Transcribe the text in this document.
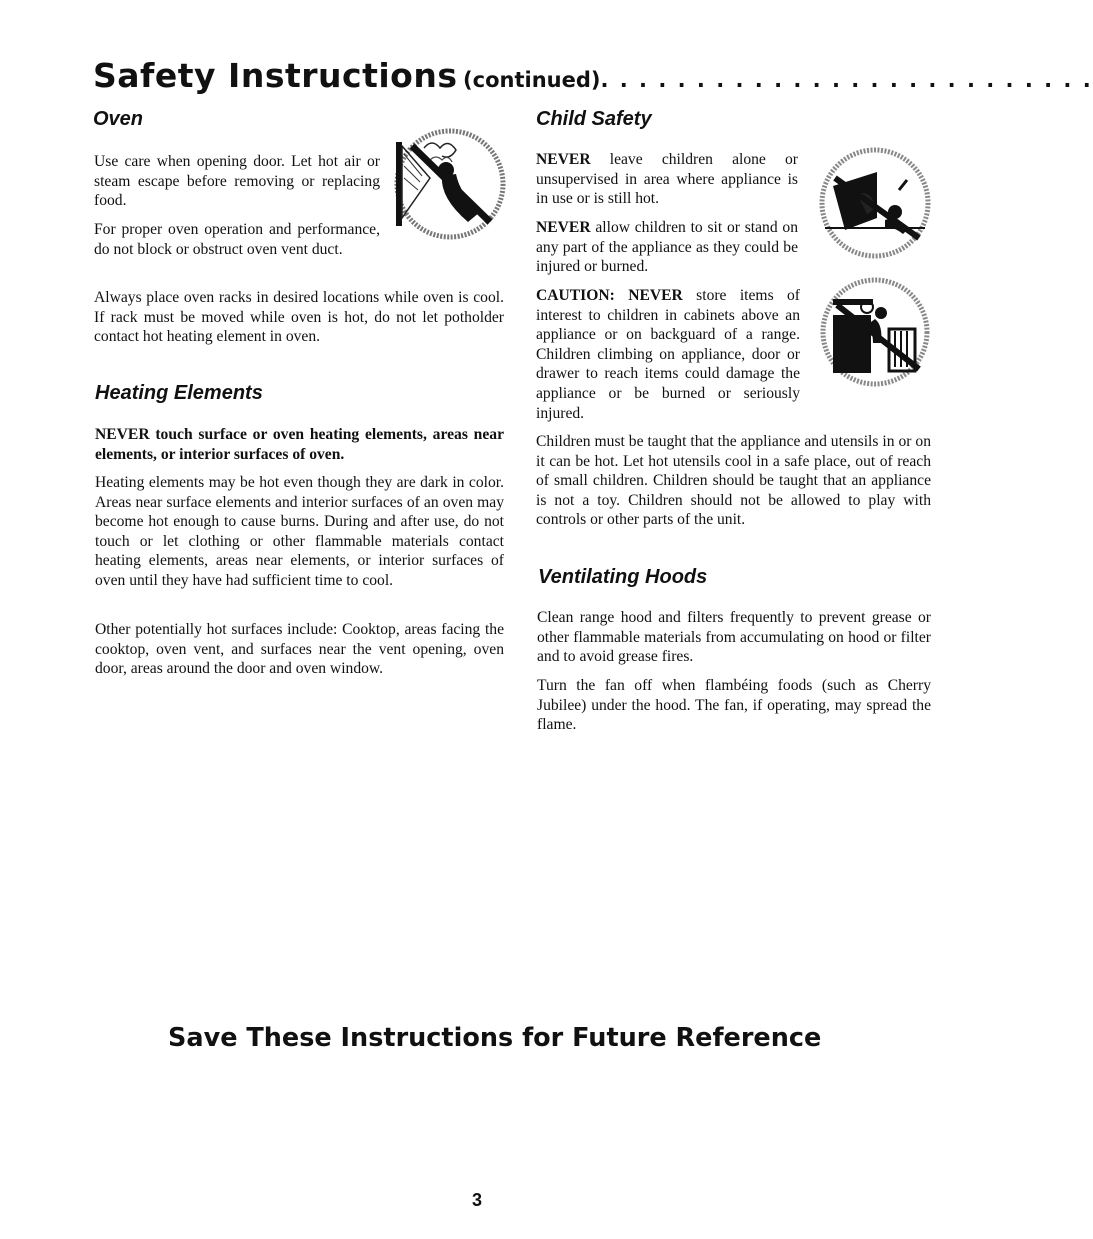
Safety Instructions (continued). . . . . . . . . . . . . . . . . . . . . . . . . .
Oven

Use care when opening door. Let hot air or steam escape before removing or replacing food.

For proper oven operation and performance, do not block or obstruct oven vent duct.

Always place oven racks in desired locations while oven is cool. If rack must be moved while oven is hot, do not let potholder contact hot heating element in oven.

Heating Elements

NEVER touch surface or oven heating elements, areas near elements, or interior surfaces of oven.

Heating elements may be hot even though they are dark in color. Areas near surface elements and interior surfaces of an oven may become hot enough to cause burns. During and after use, do not touch or let clothing or other flammable materials contact heating elements, areas near elements, or interior surfaces of oven until they have had sufficient time to cool.

Other potentially hot surfaces include: Cooktop, areas facing the cooktop, oven vent, and surfaces near the vent opening, oven door, areas around the door and oven window.

Child Safety

NEVER leave children alone or unsupervised in area where appliance is in use or is still hot.

NEVER allow children to sit or stand on any part of the appliance as they could be injured or burned.

CAUTION: NEVER store items of interest to children in cabinets above an appliance or on backguard of a range. Children climbing on appliance, door or drawer to reach items could damage the appliance or be burned or seriously injured.

Children must be taught that the appliance and utensils in or on it can be hot. Let hot utensils cool in a safe place, out of reach of small children. Children should be taught that an appliance is not a toy. Children should not be allowed to play with controls or other parts of the unit.

Ventilating Hoods

Clean range hood and filters frequently to prevent grease or other flammable materials from accumulating on hood or filter and to avoid grease fires.

Turn the fan off when flambéing foods (such as Cherry Jubilee) under the hood. The fan, if operating, may spread the flame.

Save These Instructions for Future Reference
3
